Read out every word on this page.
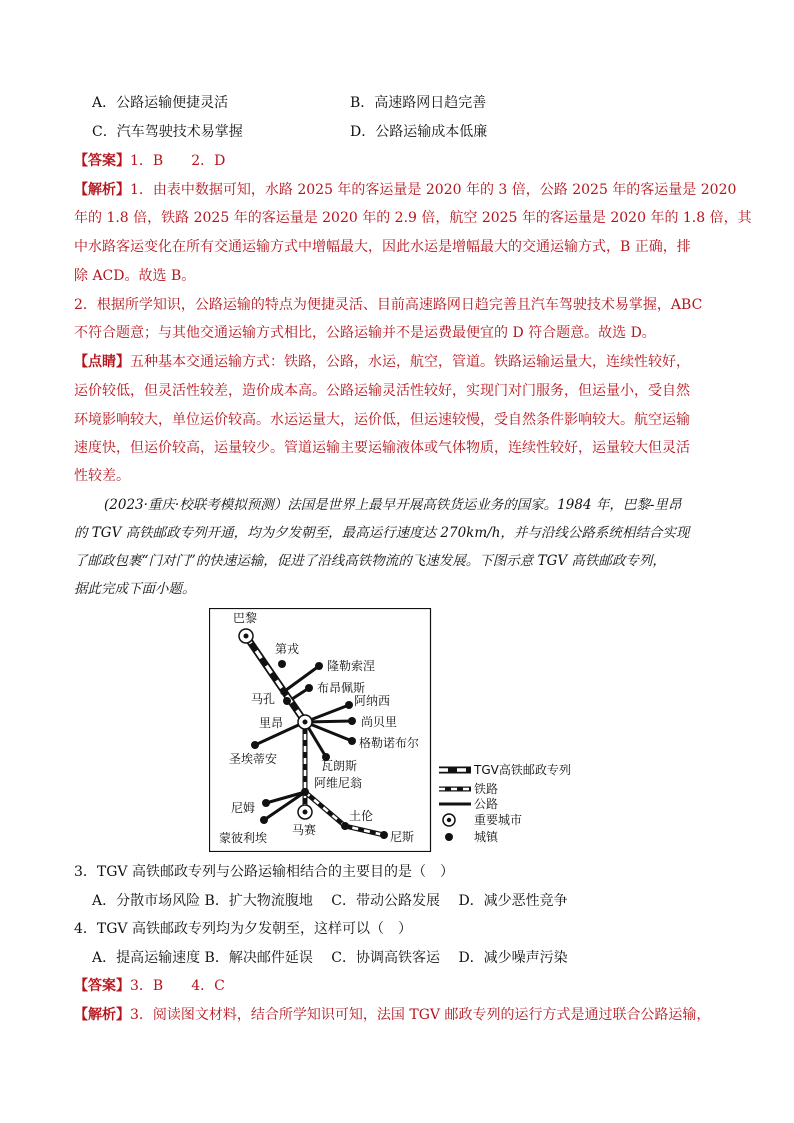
A．公路运输便捷灵活	B．高速路网日趋完善
C．汽车驾驶技术易掌握	D．公路运输成本低廉
【答案】1．B　　2．D
【解析】1．由表中数据可知，水路 2025 年的客运量是 2020 年的 3 倍，公路 2025 年的客运量是 2020
年的 1.8 倍，铁路 2025 年的客运量是 2020 年的 2.9 倍，航空 2025 年的客运量是 2020 年的 1.8 倍，其
中水路客运变化在所有交通运输方式中增幅最大，因此水运是增幅最大的交通运输方式，B 正确，排
除 ACD。故选 B。
2．根据所学知识，公路运输的特点为便捷灵活、目前高速路网日趋完善且汽车驾驶技术易掌握，ABC
不符合题意；与其他交通运输方式相比，公路运输并不是运费最便宜的 D 符合题意。故选 D。
【点睛】五种基本交通运输方式：铁路，公路，水运，航空，管道。铁路运输运量大，连续性较好，
运价较低，但灵活性较差，造价成本高。公路运输灵活性较好，实现门对门服务，但运量小，受自然
环境影响较大，单位运价较高。水运运量大，运价低，但运速较慢，受自然条件影响较大。航空运输
速度快，但运价较高，运量较少。管道运输主要运输液体或气体物质，连续性较好，运量较大但灵活
性较差。
(2023·重庆·校联考模拟预测）法国是世界上最早开展高铁货运业务的国家。1984 年，巴黎-里昂
的 TGV 高铁邮政专列开通，均为夕发朝至，最高运行速度达 270km/h，并与沿线公路系统相结合实现
了邮政包裹“门对门”的快速运输，促进了沿线高铁物流的飞速发展。下图示意 TGV 高铁邮政专列，
据此完成下面小题。
巴黎
第戎
隆勒索涅
布昂佩斯
马孔
里昂
阿纳西
尚贝里
格勒诺布尔
瓦朗斯
圣埃蒂安
阿维尼翁
尼姆
蒙彼利埃
马赛
土伦
尼斯
TGV高铁邮政专列
铁路
公路
重要城市
城镇
3．TGV 高铁邮政专列与公路运输相结合的主要目的是（　）
A．分散市场风险 B．扩大物流腹地　 C．带动公路发展　 D．减少恶性竞争
4．TGV 高铁邮政专列均为夕发朝至，这样可以（　）
A．提高运输速度 B．解决邮件延误　 C．协调高铁客运　 D．减少噪声污染
【答案】3．B　　4．C
【解析】3．阅读图文材料，结合所学知识可知，法国 TGV 邮政专列的运行方式是通过联合公路运输，
